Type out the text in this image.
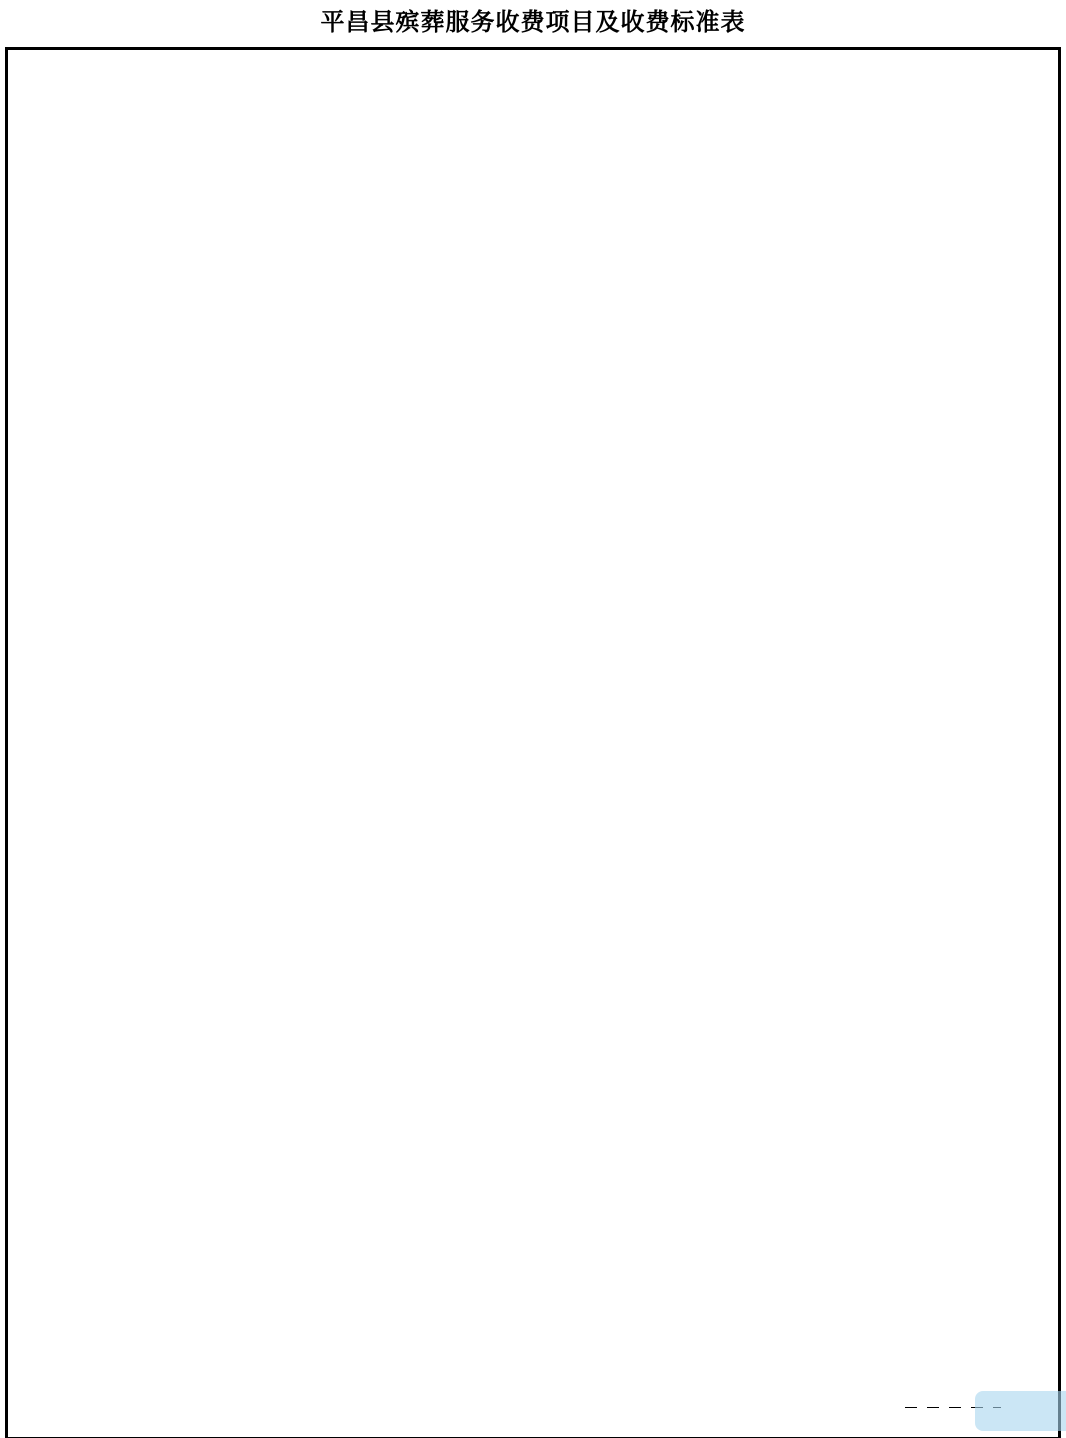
平昌县殡葬服务收费项目及收费标准表
